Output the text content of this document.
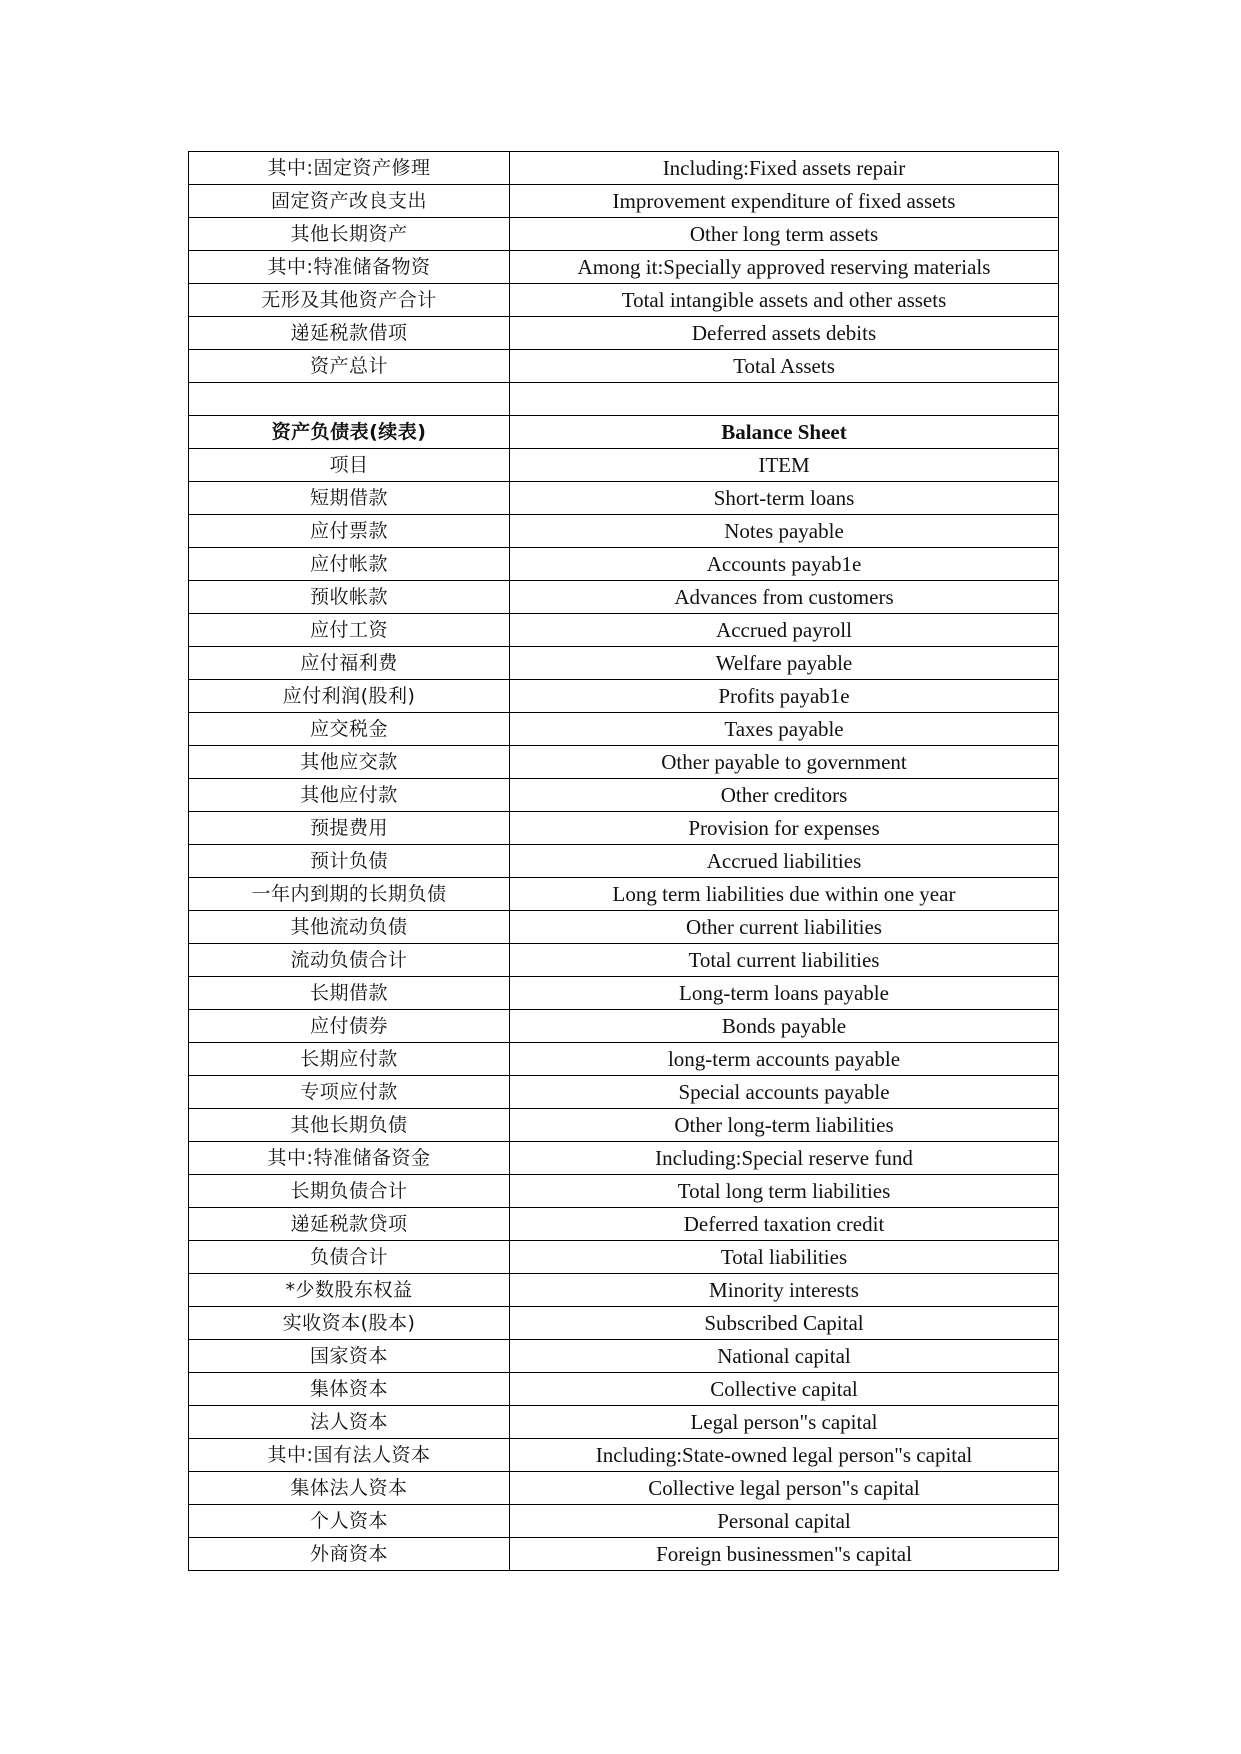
其中:固定资产修理	Including:Fixed assets repair
固定资产改良支出	Improvement expenditure of fixed assets
其他长期资产	Other long term assets
其中:特准储备物资	Among it:Specially approved reserving materials
无形及其他资产合计	Total intangible assets and other assets
递延税款借项	Deferred assets debits
资产总计	Total Assets

资产负债表(续表)	Balance Sheet
项目	ITEM
短期借款	Short-term loans
应付票款	Notes payable
应付帐款	Accounts payab1e
预收帐款	Advances from customers
应付工资	Accrued payroll
应付福利费	Welfare payable
应付利润(股利)	Profits payab1e
应交税金	Taxes payable
其他应交款	Other payable to government
其他应付款	Other creditors
预提费用	Provision for expenses
预计负债	Accrued liabilities
一年内到期的长期负债	Long term liabilities due within one year
其他流动负债	Other current liabilities
流动负债合计	Total current liabilities
长期借款	Long-term loans payable
应付债券	Bonds payable
长期应付款	long-term accounts payable
专项应付款	Special accounts payable
其他长期负债	Other long-term liabilities
其中:特准储备资金	Including:Special reserve fund
长期负债合计	Total long term liabilities
递延税款贷项	Deferred taxation credit
负债合计	Total liabilities
*少数股东权益	Minority interests
实收资本(股本)	Subscribed Capital
国家资本	National capital
集体资本	Collective capital
法人资本	Legal person"s capital
其中:国有法人资本	Including:State-owned legal person"s capital
集体法人资本	Collective legal person"s capital
个人资本	Personal capital
外商资本	Foreign businessmen"s capital
